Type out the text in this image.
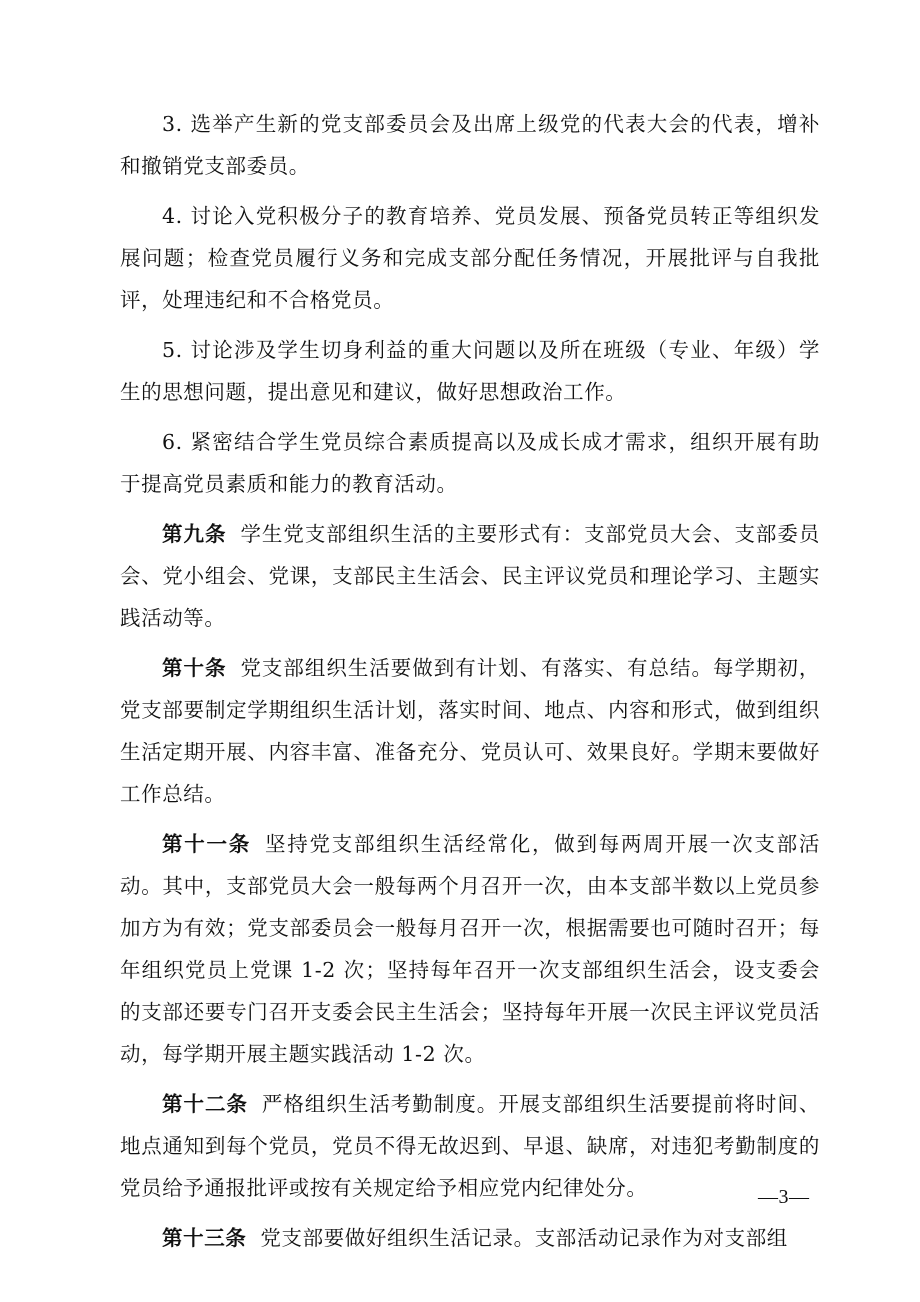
3. 选举产生新的党支部委员会及出席上级党的代表大会的代表，增补和撤销党支部委员。

4. 讨论入党积极分子的教育培养、党员发展、预备党员转正等组织发展问题；检查党员履行义务和完成支部分配任务情况，开展批评与自我批评，处理违纪和不合格党员。

5. 讨论涉及学生切身利益的重大问题以及所在班级（专业、年级）学生的思想问题，提出意见和建议，做好思想政治工作。

6. 紧密结合学生党员综合素质提高以及成长成才需求，组织开展有助于提高党员素质和能力的教育活动。

第九条 学生党支部组织生活的主要形式有：支部党员大会、支部委员会、党小组会、党课，支部民主生活会、民主评议党员和理论学习、主题实践活动等。

第十条 党支部组织生活要做到有计划、有落实、有总结。每学期初，党支部要制定学期组织生活计划，落实时间、地点、内容和形式，做到组织生活定期开展、内容丰富、准备充分、党员认可、效果良好。学期末要做好工作总结。

第十一条 坚持党支部组织生活经常化，做到每两周开展一次支部活动。其中，支部党员大会一般每两个月召开一次，由本支部半数以上党员参加方为有效；党支部委员会一般每月召开一次，根据需要也可随时召开；每年组织党员上党课 1-2 次；坚持每年召开一次支部组织生活会，设支委会的支部还要专门召开支委会民主生活会；坚持每年开展一次民主评议党员活动，每学期开展主题实践活动 1-2 次。

第十二条 严格组织生活考勤制度。开展支部组织生活要提前将时间、地点通知到每个党员，党员不得无故迟到、早退、缺席，对违犯考勤制度的党员给予通报批评或按有关规定给予相应党内纪律处分。

第十三条 党支部要做好组织生活记录。支部活动记录作为对支部组

—3—
